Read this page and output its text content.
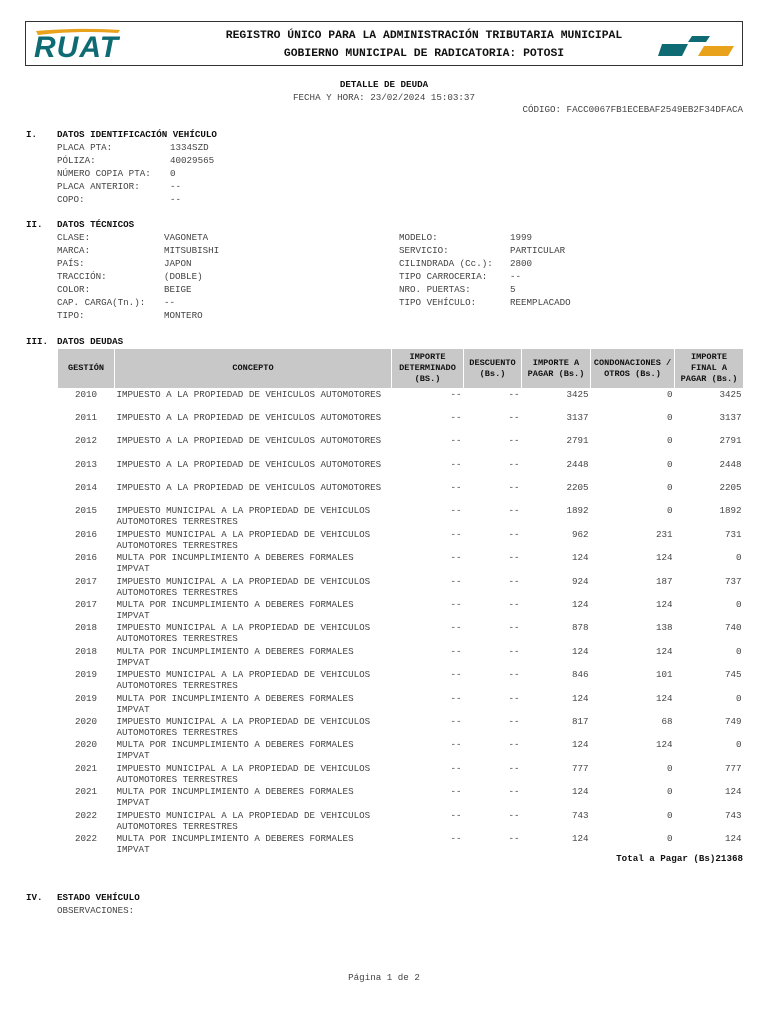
RUAT	REGISTRO ÚNICO PARA LA ADMINISTRACIÓN TRIBUTARIA MUNICIPAL
GOBIERNO MUNICIPAL DE RADICATORIA: POTOSI
DETALLE DE DEUDA
FECHA Y HORA: 23/02/2024 15:03:37
CÓDIGO: FACC0067FB1ECEBAF2549EB2F34DFACA
I. DATOS IDENTIFICACIÓN VEHÍCULO
PLACA PTA:	1334SZD
PÓLIZA:	40029565
NÚMERO COPIA PTA: 0
PLACA ANTERIOR:	--
COPO:	--
II. DATOS TÉCNICOS
CLASE:	VAGONETA
MARCA:	MITSUBISHI
PAÍS:	JAPON
TRACCIÓN:	(DOBLE)
COLOR:	BEIGE
CAP. CARGA(Tn.): --
TIPO:	MONTERO
MODELO:	1999
SERVICIO:	PARTICULAR
CILINDRADA (Cc.): 2800
TIPO CARROCERIA: --
NRO. PUERTAS:	5
TIPO VEHÍCULO:	REEMPLACADO
III. DATOS DEUDAS
GESTIÓN	CONCEPTO	IMPORTE DETERMINADO (BS.)	DESCUENTO (Bs.)	IMPORTE A PAGAR (Bs.)	CONDONACIONES / OTROS (Bs.)	IMPORTE FINAL A PAGAR (Bs.)
2010	IMPUESTO A LA PROPIEDAD DE VEHICULOS AUTOMOTORES	--	--	3425	0	3425
2011	IMPUESTO A LA PROPIEDAD DE VEHICULOS AUTOMOTORES	--	--	3137	0	3137
2012	IMPUESTO A LA PROPIEDAD DE VEHICULOS AUTOMOTORES	--	--	2791	0	2791
2013	IMPUESTO A LA PROPIEDAD DE VEHICULOS AUTOMOTORES	--	--	2448	0	2448
2014	IMPUESTO A LA PROPIEDAD DE VEHICULOS AUTOMOTORES	--	--	2205	0	2205
2015	IMPUESTO MUNICIPAL A LA PROPIEDAD DE VEHICULOS AUTOMOTORES TERRESTRES	--	--	1892	0	1892
2016	IMPUESTO MUNICIPAL A LA PROPIEDAD DE VEHICULOS AUTOMOTORES TERRESTRES	--	--	962	231	731
2016	MULTA POR INCUMPLIMIENTO A DEBERES FORMALES IMPVAT	--	--	124	124	0
2017	IMPUESTO MUNICIPAL A LA PROPIEDAD DE VEHICULOS AUTOMOTORES TERRESTRES	--	--	924	187	737
2017	MULTA POR INCUMPLIMIENTO A DEBERES FORMALES IMPVAT	--	--	124	124	0
2018	IMPUESTO MUNICIPAL A LA PROPIEDAD DE VEHICULOS AUTOMOTORES TERRESTRES	--	--	878	138	740
2018	MULTA POR INCUMPLIMIENTO A DEBERES FORMALES IMPVAT	--	--	124	124	0
2019	IMPUESTO MUNICIPAL A LA PROPIEDAD DE VEHICULOS AUTOMOTORES TERRESTRES	--	--	846	101	745
2019	MULTA POR INCUMPLIMIENTO A DEBERES FORMALES IMPVAT	--	--	124	124	0
2020	IMPUESTO MUNICIPAL A LA PROPIEDAD DE VEHICULOS AUTOMOTORES TERRESTRES	--	--	817	68	749
2020	MULTA POR INCUMPLIMIENTO A DEBERES FORMALES IMPVAT	--	--	124	124	0
2021	IMPUESTO MUNICIPAL A LA PROPIEDAD DE VEHICULOS AUTOMOTORES TERRESTRES	--	--	777	0	777
2021	MULTA POR INCUMPLIMIENTO A DEBERES FORMALES IMPVAT	--	--	124	0	124
2022	IMPUESTO MUNICIPAL A LA PROPIEDAD DE VEHICULOS AUTOMOTORES TERRESTRES	--	--	743	0	743
2022	MULTA POR INCUMPLIMIENTO A DEBERES FORMALES IMPVAT	--	--	124	0	124
Total a Pagar (Bs)21368
IV. ESTADO VEHÍCULO
OBSERVACIONES:
Página 1 de 2
